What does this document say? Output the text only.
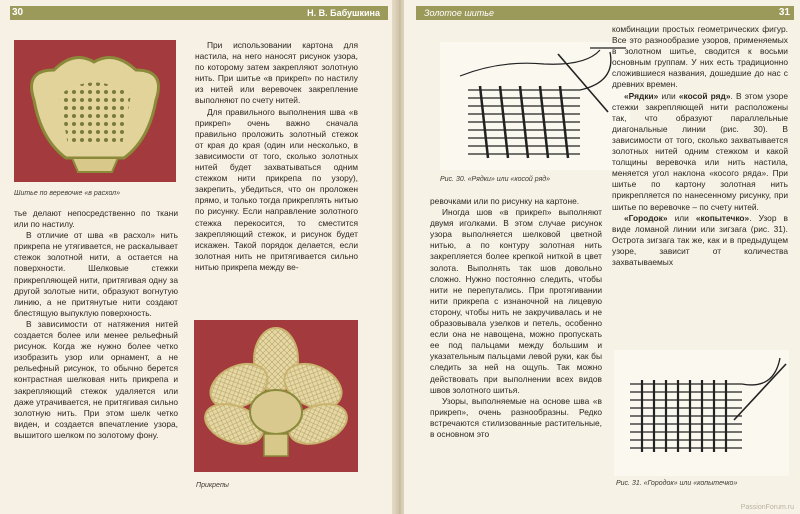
30	Н. В. Бабушкина
Шитье по веревочке «в расхол»

При использовании картона для настила, на него наносят рисунок узора, по которому затем закрепляют золотную нить. При шитье «в прикреп» по настилу из нитей или веревочек закрепление выполняют по счету нитей.

Для правильного выполнения шва «в прикреп» очень важно сначала правильно проложить золотный стежок от края до края (один или несколько, в зависимости от того, сколько золотных нитей будет захватываться одним стежком нити прикрепа по узору), закрепить, убедиться, что он проложен прямо, и только тогда прикреплять нитью по рисунку. Если направление золотного стежка перекосится, то сместится закрепляющий стежок, и рисунок будет искажен. Такой порядок делается, если золотная нить не притягивается сильно нитью прикрепа между ве-

тье делают непосредственно по ткани или по настилу.

В отличие от шва «в расхол» нить прикрепа не утягивается, не раскалывает стежок золотной нити, а остается на поверхности. Шелковые стежки прикрепляющей нити, притягивая одну за другой золотые нити, образуют вогнутую линию, а не притянутые нити создают блестящую выпуклую поверхность.

В зависимости от натяжения нитей создается более или менее рельефный рисунок. Когда же нужно более четко изобразить узор или орнамент, а не рельефный рисунок, то обычно берется контрастная шелковая нить прикрепа и закрепляющий стежок удаляется или даже утрачивается, не притягивая сильно золотную нить. При этом шелк четко виден, и создается впечатление узора, вышитого шелком по золотому фону.

Прикрепы
Золотое шитье	31
Рис. 30. «Рядки» или «косой ряд»

ревочками или по рисунку на картоне.

Иногда шов «в прикреп» выполняют двумя иголками. В этом случае рисунок узора выполняется шелковой цветной нитью, а по контуру золотная нить закрепляется более крепкой ниткой в цвет золота. Выполнять так шов довольно сложно. Нужно постоянно следить, чтобы нити не перепутались. При протягивании нити прикрепа с изнаночной на лицевую сторону, чтобы нить не закручивалась и не образовывала узелков и петель, особенно если она не навощена, можно пропускать ее под пальцами между большим и указательным пальцами левой руки, как бы следить за ней на ощупь. Так можно действовать при выполнении всех видов швов золотного шитья.

Узоры, выполняемые на основе шва «в прикреп», очень разнообразны. Редко встречаются стилизованные растительные, в основном это

комбинации простых геометрических фигур. Все это разнообразие узоров, применяемых в золотном шитье, сводится к восьми основным группам. У них есть традиционно сложившиеся названия, дошедшие до нас с древних времен.

«Рядки» или «косой ряд». В этом узоре стежки закрепляющей нити расположены так, что образуют параллельные диагональные линии (рис. 30). В зависимости от того, сколько захватывается золотных нитей одним стежком и какой толщины веревочка или нить настила, меняется угол наклона «косого ряда». При шитье по картону золотная нить прикрепляется по нанесенному рисунку, при шитье по веревочке – по счету нитей.

«Городок» или «копытечко». Узор в виде ломаной линии или зигзага (рис. 31). Острота зигзага так же, как и в предыдущем узоре, зависит от количества захватываемых

Рис. 31. «Городок» или «копытечко»
PassionForum.ru
